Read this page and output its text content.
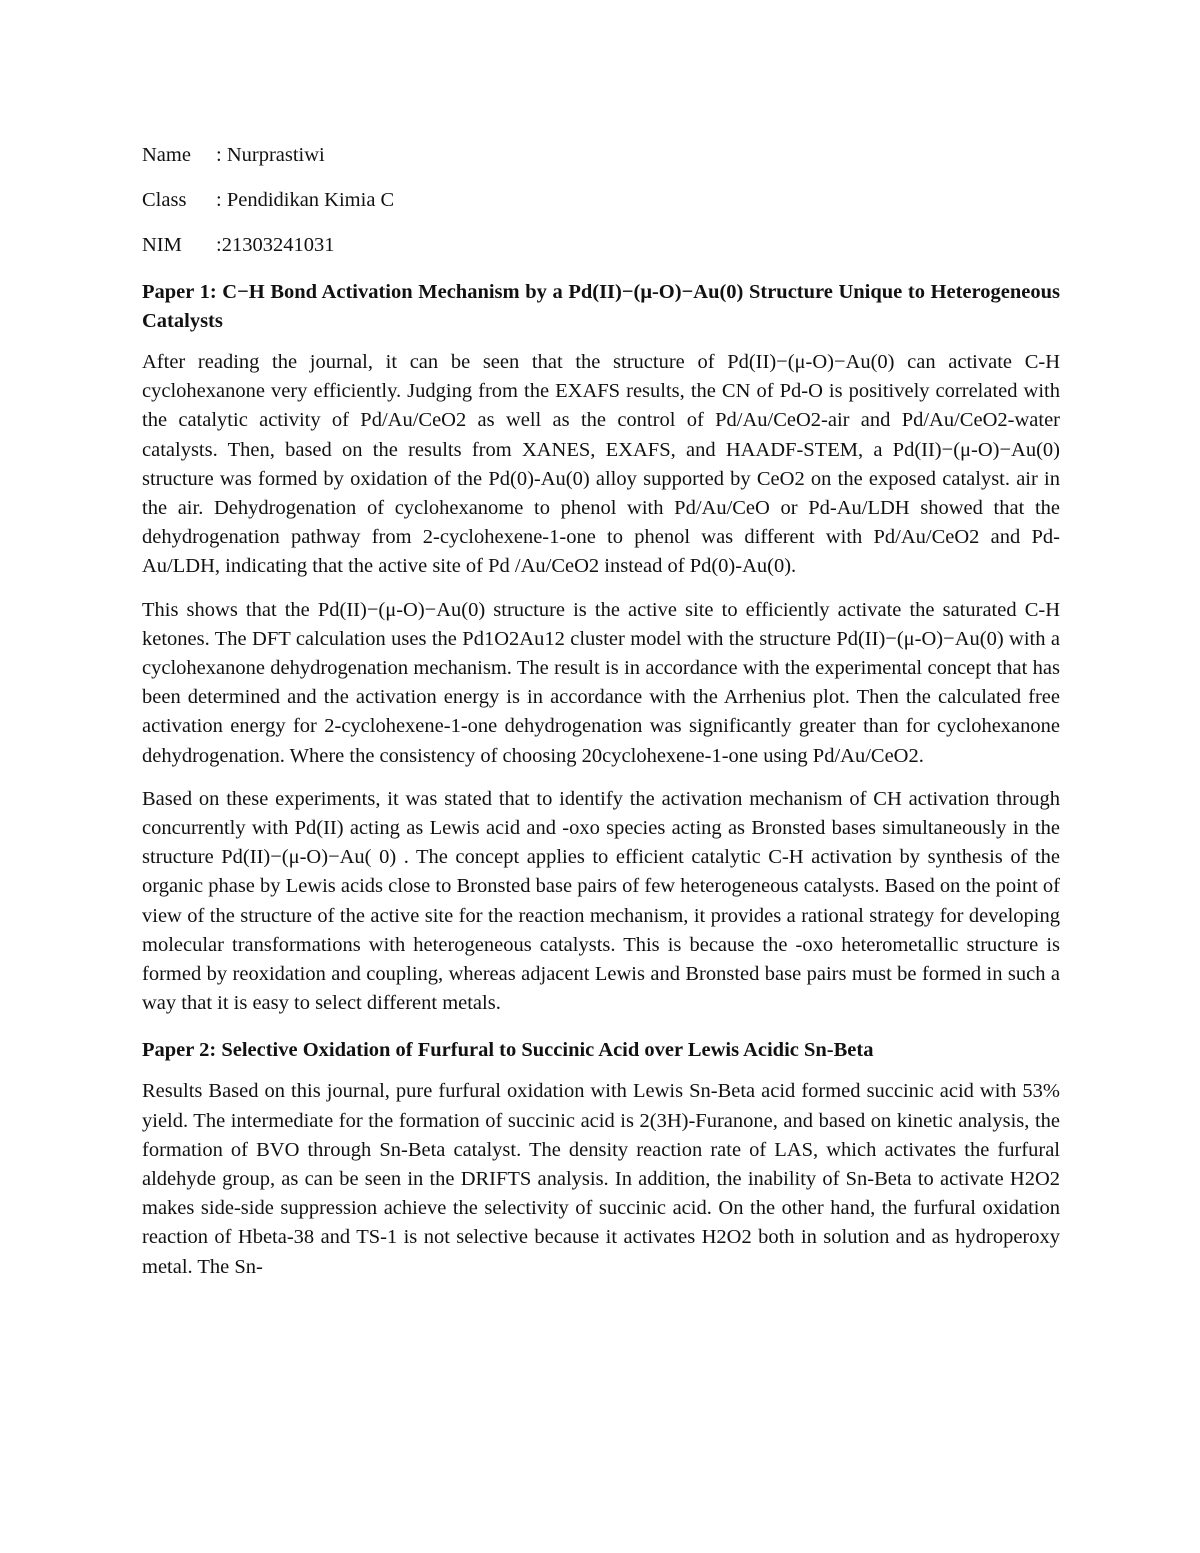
Name : Nurprastiwi
Class : Pendidikan Kimia C
NIM :21303241031
Paper 1: C−H Bond Activation Mechanism by a Pd(II)−(μ-O)−Au(0) Structure Unique to Heterogeneous Catalysts

After reading the journal, it can be seen that the structure of Pd(II)−(μ-O)−Au(0) can activate C-H cyclohexanone very efficiently. Judging from the EXAFS results, the CN of Pd-O is positively correlated with the catalytic activity of Pd/Au/CeO2 as well as the control of Pd/Au/CeO2-air and Pd/Au/CeO2-water catalysts. Then, based on the results from XANES, EXAFS, and HAADF-STEM, a Pd(II)−(μ-O)−Au(0) structure was formed by oxidation of the Pd(0)-Au(0) alloy supported by CeO2 on the exposed catalyst. air in the air. Dehydrogenation of cyclohexanome to phenol with Pd/Au/CeO or Pd-Au/LDH showed that the dehydrogenation pathway from 2-cyclohexene-1-one to phenol was different with Pd/Au/CeO2 and Pd-Au/LDH, indicating that the active site of Pd /Au/CeO2 instead of Pd(0)-Au(0).

This shows that the Pd(II)−(μ-O)−Au(0) structure is the active site to efficiently activate the saturated C-H ketones. The DFT calculation uses the Pd1O2Au12 cluster model with the structure Pd(II)−(μ-O)−Au(0) with a cyclohexanone dehydrogenation mechanism. The result is in accordance with the experimental concept that has been determined and the activation energy is in accordance with the Arrhenius plot. Then the calculated free activation energy for 2-cyclohexene-1-one dehydrogenation was significantly greater than for cyclohexanone dehydrogenation. Where the consistency of choosing 20cyclohexene-1-one using Pd/Au/CeO2.

Based on these experiments, it was stated that to identify the activation mechanism of CH activation through concurrently with Pd(II) acting as Lewis acid and -oxo species acting as Bronsted bases simultaneously in the structure Pd(II)−(μ-O)−Au( 0) . The concept applies to efficient catalytic C-H activation by synthesis of the organic phase by Lewis acids close to Bronsted base pairs of few heterogeneous catalysts. Based on the point of view of the structure of the active site for the reaction mechanism, it provides a rational strategy for developing molecular transformations with heterogeneous catalysts. This is because the -oxo heterometallic structure is formed by reoxidation and coupling, whereas adjacent Lewis and Bronsted base pairs must be formed in such a way that it is easy to select different metals.

Paper 2: Selective Oxidation of Furfural to Succinic Acid over Lewis Acidic Sn-Beta

Results Based on this journal, pure furfural oxidation with Lewis Sn-Beta acid formed succinic acid with 53% yield. The intermediate for the formation of succinic acid is 2(3H)-Furanone, and based on kinetic analysis, the formation of BVO through Sn-Beta catalyst. The density reaction rate of LAS, which activates the furfural aldehyde group, as can be seen in the DRIFTS analysis. In addition, the inability of Sn-Beta to activate H2O2 makes side-side suppression achieve the selectivity of succinic acid. On the other hand, the furfural oxidation reaction of Hbeta-38 and TS-1 is not selective because it activates H2O2 both in solution and as hydroperoxy metal. The Sn-
